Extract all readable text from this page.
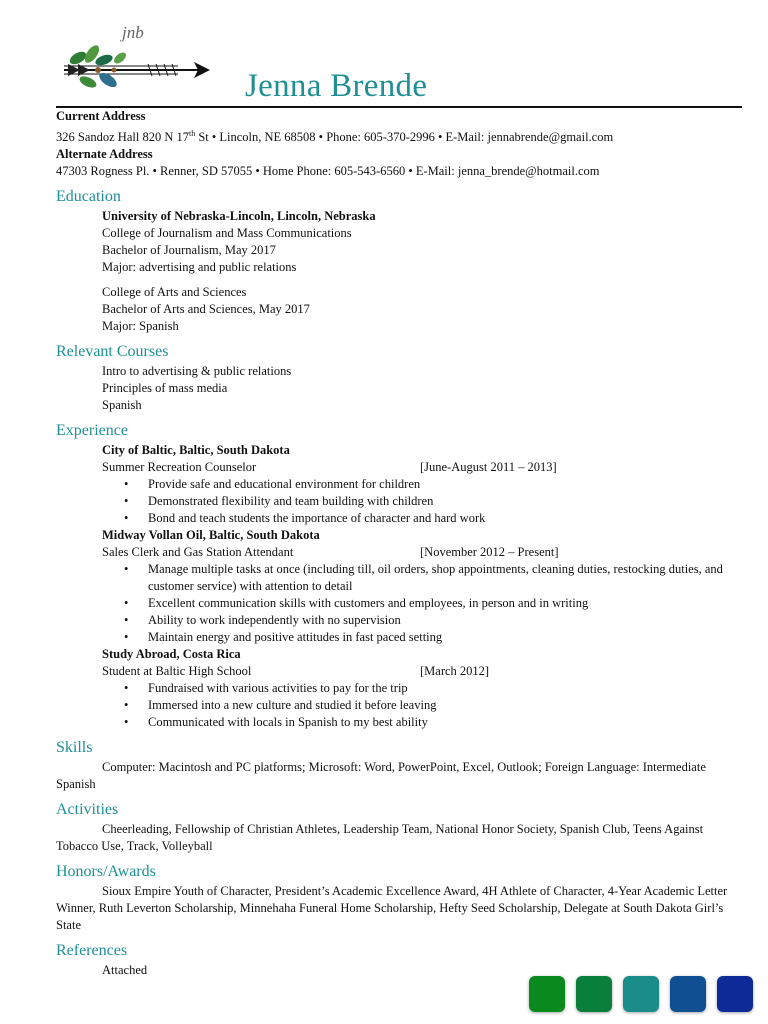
jnb
Jenna Brende
Current Address
326 Sandoz Hall 820 N 17th St • Lincoln, NE 68508 • Phone: 605-370-2996 • E-Mail: jennabrende@gmail.com
Alternate Address
47303 Rogness Pl. • Renner, SD 57055 • Home Phone: 605-543-6560 • E-Mail: jenna_brende@hotmail.com
Education
University of Nebraska-Lincoln, Lincoln, Nebraska
College of Journalism and Mass Communications
Bachelor of Journalism, May 2017
Major: advertising and public relations
College of Arts and Sciences
Bachelor of Arts and Sciences, May 2017
Major: Spanish
Relevant Courses
Intro to advertising & public relations
Principles of mass media
Spanish
Experience
City of Baltic, Baltic, South Dakota
Summer Recreation Counselor	[June-August 2011 – 2013]
• Provide safe and educational environment for children
• Demonstrated flexibility and team building with children
• Bond and teach students the importance of character and hard work
Midway Vollan Oil, Baltic, South Dakota
Sales Clerk and Gas Station Attendant	[November 2012 – Present]
• Manage multiple tasks at once (including till, oil orders, shop appointments, cleaning duties, restocking duties, and customer service) with attention to detail
• Excellent communication skills with customers and employees, in person and in writing
• Ability to work independently with no supervision
• Maintain energy and positive attitudes in fast paced setting
Study Abroad, Costa Rica
Student at Baltic High School	[March 2012]
• Fundraised with various activities to pay for the trip
• Immersed into a new culture and studied it before leaving
• Communicated with locals in Spanish to my best ability
Skills
Computer: Macintosh and PC platforms; Microsoft: Word, PowerPoint, Excel, Outlook; Foreign Language: Intermediate Spanish
Activities
Cheerleading, Fellowship of Christian Athletes, Leadership Team, National Honor Society, Spanish Club, Teens Against Tobacco Use, Track, Volleyball
Honors/Awards
Sioux Empire Youth of Character, President’s Academic Excellence Award, 4H Athlete of Character, 4-Year Academic Letter Winner, Ruth Leverton Scholarship, Minnehaha Funeral Home Scholarship, Hefty Seed Scholarship, Delegate at South Dakota Girl’s State
References
Attached
